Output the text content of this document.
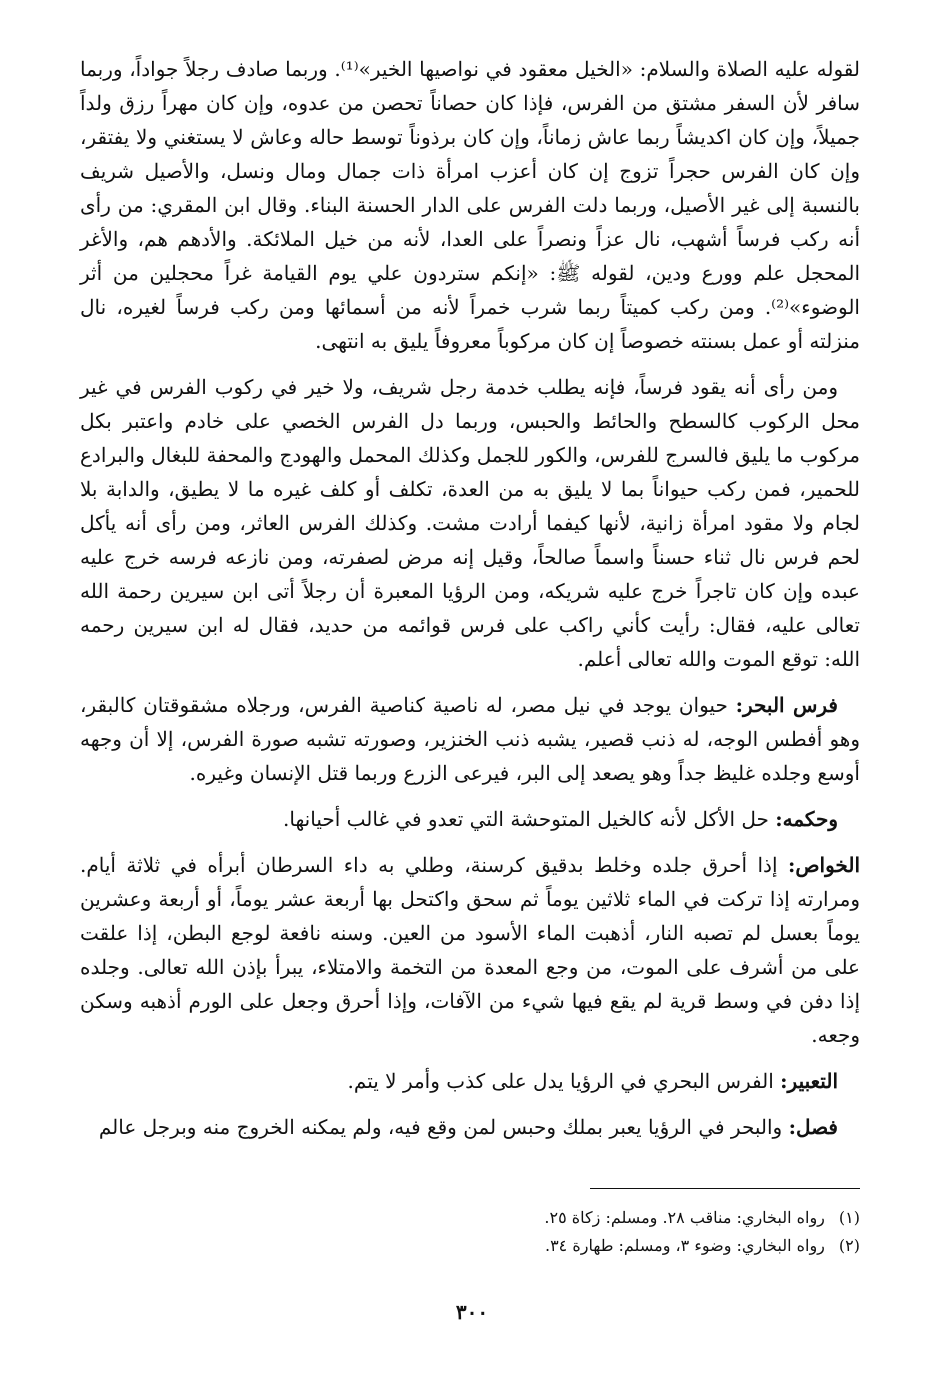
لقوله عليه الصلاة والسلام: «الخيل معقود في نواصيها الخير»⁽¹⁾. وربما صادف رجلاً جواداً، وربما سافر لأن السفر مشتق من الفرس، فإذا كان حصاناً تحصن من عدوه، وإن كان مهراً رزق ولداً جميلاً، وإن كان اكديشاً ربما عاش زماناً، وإن كان برذوناً توسط حاله وعاش لا يستغني ولا يفتقر، وإن كان الفرس حجراً تزوج إن كان أعزب امرأة ذات جمال ومال ونسل، والأصيل شريف بالنسبة إلى غير الأصيل، وربما دلت الفرس على الدار الحسنة البناء. وقال ابن المقري: من رأى أنه ركب فرساً أشهب، نال عزاً ونصراً على العدا، لأنه من خيل الملائكة. والأدهم هم، والأغر المحجل علم وورع ودين، لقوله ﷺ: «إنكم ستردون علي يوم القيامة غراً محجلين من أثر الوضوء»⁽²⁾. ومن ركب كميتاً ربما شرب خمراً لأنه من أسمائها ومن ركب فرساً لغيره، نال منزلته أو عمل بسنته خصوصاً إن كان مركوباً معروفاً يليق به انتهى.

ومن رأى أنه يقود فرساً، فإنه يطلب خدمة رجل شريف، ولا خير في ركوب الفرس في غير محل الركوب كالسطح والحائط والحبس، وربما دل الفرس الخصي على خادم واعتبر بكل مركوب ما يليق فالسرج للفرس، والكور للجمل وكذلك المحمل والهودج والمحفة للبغال والبرادع للحمير، فمن ركب حيواناً بما لا يليق به من العدة، تكلف أو كلف غيره ما لا يطيق، والدابة بلا لجام ولا مقود امرأة زانية، لأنها كيفما أرادت مشت. وكذلك الفرس العاثر، ومن رأى أنه يأكل لحم فرس نال ثناء حسناً واسماً صالحاً، وقيل إنه مرض لصفرته، ومن نازعه فرسه خرج عليه عبده وإن كان تاجراً خرج عليه شريكه، ومن الرؤيا المعبرة أن رجلاً أتى ابن سيرين رحمة الله تعالى عليه، فقال: رأيت كأني راكب على فرس قوائمه من حديد، فقال له ابن سيرين رحمه الله: توقع الموت والله تعالى أعلم.

فرس البحر: حيوان يوجد في نيل مصر، له ناصية كناصية الفرس، ورجلاه مشقوقتان كالبقر، وهو أفطس الوجه، له ذنب قصير، يشبه ذنب الخنزير، وصورته تشبه صورة الفرس، إلا أن وجهه أوسع وجلده غليظ جداً وهو يصعد إلى البر، فيرعى الزرع وربما قتل الإنسان وغيره.

وحكمه: حل الأكل لأنه كالخيل المتوحشة التي تعدو في غالب أحيانها.

الخواص: إذا أحرق جلده وخلط بدقيق كرسنة، وطلي به داء السرطان أبرأه في ثلاثة أيام. ومرارته إذا تركت في الماء ثلاثين يوماً ثم سحق واكتحل بها أربعة عشر يوماً، أو أربعة وعشرين يوماً بعسل لم تصبه النار، أذهبت الماء الأسود من العين. وسنه نافعة لوجع البطن، إذا علقت على من أشرف على الموت، من وجع المعدة من التخمة والامتلاء، يبرأ بإذن الله تعالى. وجلده إذا دفن في وسط قرية لم يقع فيها شيء من الآفات، وإذا أحرق وجعل على الورم أذهبه وسكن وجعه.

التعبير: الفرس البحري في الرؤيا يدل على كذب وأمر لا يتم.

فصل: والبحر في الرؤيا يعبر بملك وحبس لمن وقع فيه، ولم يمكنه الخروج منه وبرجل عالم

(١) رواه البخاري: مناقب ٢٨. ومسلم: زكاة ٢٥.

(٢) رواه البخاري: وضوء ٣، ومسلم: طهارة ٣٤.

٣٠٠
